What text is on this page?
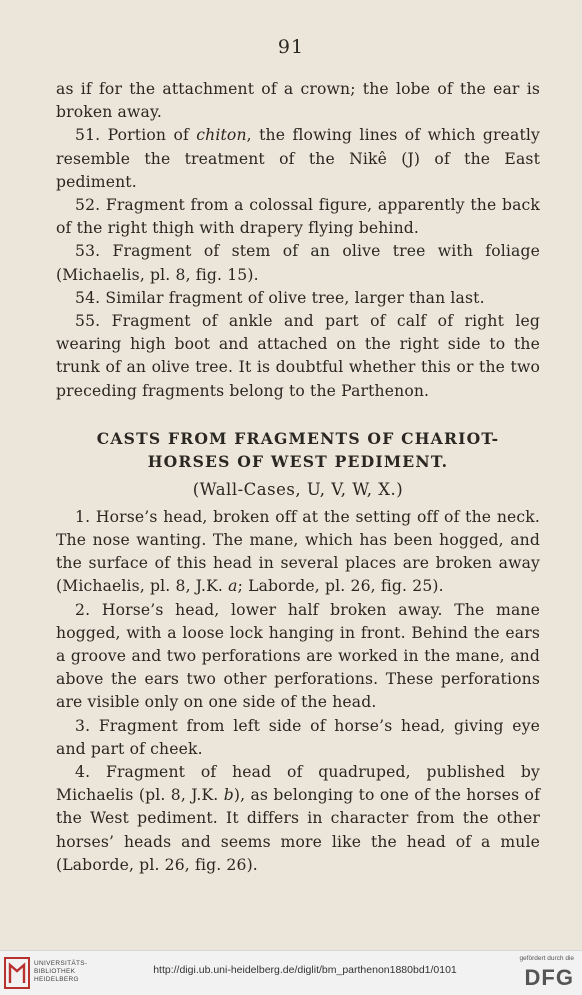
91

as if for the attachment of a crown; the lobe of the ear is broken away.

51. Portion of chiton, the flowing lines of which greatly resemble the treatment of the Nikê (J) of the East pediment.

52. Fragment from a colossal figure, apparently the back of the right thigh with drapery flying behind.

53. Fragment of stem of an olive tree with foliage (Michaelis, pl. 8, fig. 15).

54. Similar fragment of olive tree, larger than last.

55. Fragment of ankle and part of calf of right leg wearing high boot and attached on the right side to the trunk of an olive tree. It is doubtful whether this or the two preceding fragments belong to the Parthenon.

CASTS FROM FRAGMENTS OF CHARIOT-

HORSES OF WEST PEDIMENT.

(Wall-Cases, U, V, W, X.)

1. Horse’s head, broken off at the setting off of the neck. The nose wanting. The mane, which has been hogged, and the surface of this head in several places are broken away (Michaelis, pl. 8, J.K. a; Laborde, pl. 26, fig. 25).

2. Horse’s head, lower half broken away. The mane hogged, with a loose lock hanging in front. Behind the ears a groove and two perforations are worked in the mane, and above the ears two other perforations. These perforations are visible only on one side of the head.

3. Fragment from left side of horse’s head, giving eye and part of cheek.

4. Fragment of head of quadruped, published by Michaelis (pl. 8, J.K. b), as belonging to one of the horses of the West pediment. It differs in character from the other horses’ heads and seems more like the head of a mule (Laborde, pl. 26, fig. 26).

UNIVERSITÄTS-
BIBLIOTHEK
HEIDELBERG
http://digi.ub.uni-heidelberg.de/diglit/bm_parthenon1880bd1/0101
gefördert durch die
DFG
